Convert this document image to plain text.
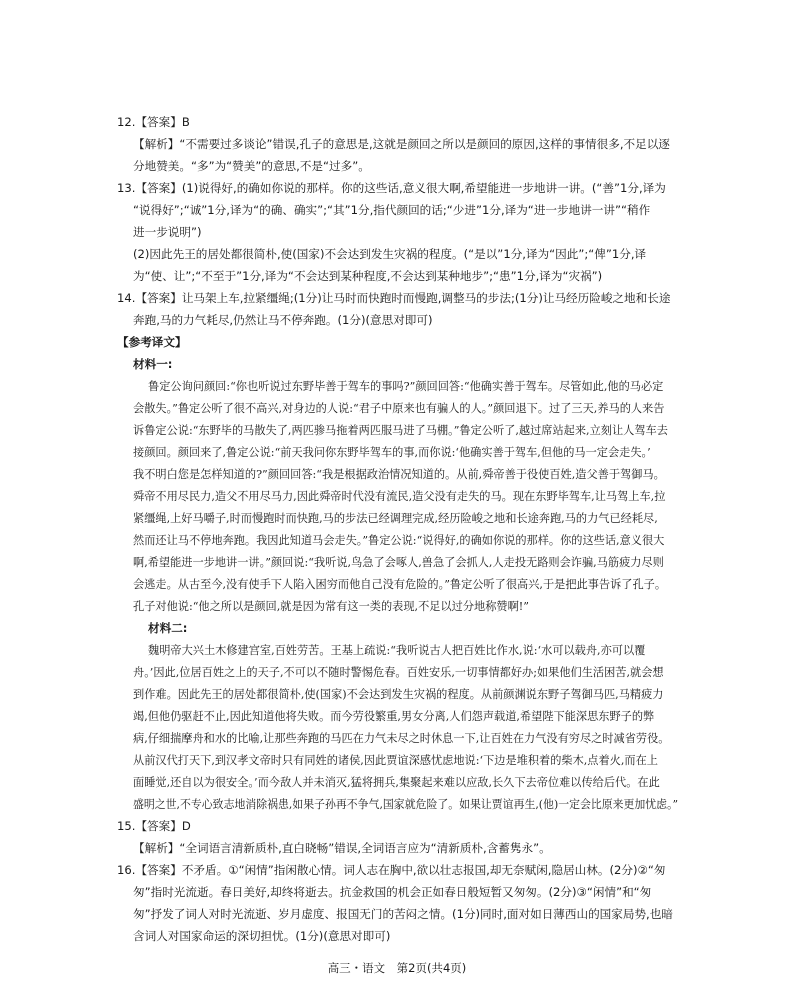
12.【答案】B
【解析】“不需要过多谈论”错误,孔子的意思是,这就是颜回之所以是颜回的原因,这样的事情很多,不足以逐
分地赞美。“多”为“赞美”的意思,不是“过多”。
13.【答案】(1)说得好,的确如你说的那样。你的这些话,意义很大啊,希望能进一步地讲一讲。(“善”1分,译为
“说得好”;“诚”1分,译为“的确、确实”;“其”1分,指代颜回的话;“少进”1分,译为“进一步地讲一讲”“稍作
进一步说明”)
(2)因此先王的居处都很简朴,使(国家)不会达到发生灾祸的程度。(“是以”1分,译为“因此”;“俾”1分,译
为“使、让”;“不至于”1分,译为“不会达到某种程度,不会达到某种地步”;“患”1分,译为“灾祸”)
14.【答案】让马架上车,拉紧缰绳;(1分)让马时而快跑时而慢跑,调整马的步法;(1分)让马经历险峻之地和长途
奔跑,马的力气耗尽,仍然让马不停奔跑。(1分)(意思对即可)
【参考译文】
材料一:
鲁定公询问颜回:“你也听说过东野毕善于驾车的事吗?”颜回回答:“他确实善于驾车。尽管如此,他的马必定
会散失。”鲁定公听了很不高兴,对身边的人说:“君子中原来也有骗人的人。”颜回退下。过了三天,养马的人来告
诉鲁定公说:“东野毕的马散失了,两匹骖马拖着两匹服马进了马棚。”鲁定公听了,越过席站起来,立刻让人驾车去
接颜回。颜回来了,鲁定公说:“前天我问你东野毕驾车的事,而你说:‘他确实善于驾车,但他的马一定会走失。’
我不明白您是怎样知道的?”颜回回答:“我是根据政治情况知道的。从前,舜帝善于役使百姓,造父善于驾御马。
舜帝不用尽民力,造父不用尽马力,因此舜帝时代没有流民,造父没有走失的马。现在东野毕驾车,让马驾上车,拉
紧缰绳,上好马嚼子,时而慢跑时而快跑,马的步法已经调理完成,经历险峻之地和长途奔跑,马的力气已经耗尽,
然而还让马不停地奔跑。我因此知道马会走失。”鲁定公说:“说得好,的确如你说的那样。你的这些话,意义很大
啊,希望能进一步地讲一讲。”颜回说:“我听说,鸟急了会啄人,兽急了会抓人,人走投无路则会诈骗,马筋疲力尽则
会逃走。从古至今,没有使手下人陷入困穷而他自己没有危险的。”鲁定公听了很高兴,于是把此事告诉了孔子。
孔子对他说:“他之所以是颜回,就是因为常有这一类的表现,不足以过分地称赞啊!”
材料二:
魏明帝大兴土木修建宫室,百姓劳苦。王基上疏说:“我听说古人把百姓比作水,说:‘水可以载舟,亦可以覆
舟。’因此,位居百姓之上的天子,不可以不随时警惕危春。百姓安乐,一切事情都好办;如果他们生活困苦,就会想
到作难。因此先王的居处都很简朴,使(国家)不会达到发生灾祸的程度。从前颜渊说东野子驾御马匹,马精疲力
竭,但他仍驱赶不止,因此知道他将失败。而今劳役繁重,男女分离,人们怨声载道,希望陛下能深思东野子的弊
病,仔细揣摩舟和水的比喻,让那些奔跑的马匹在力气未尽之时休息一下,让百姓在力气没有穷尽之时减省劳役。
从前汉代打天下,到汉孝文帝时只有同姓的诸侯,因此贾谊深感忧虑地说:‘下边是堆积着的柴木,点着火,而在上
面睡觉,还自以为很安全。’而今敌人并未消灭,猛将拥兵,集聚起来难以应敌,长久下去帝位难以传给后代。在此
盛明之世,不专心致志地消除祸患,如果子孙再不争气,国家就危险了。如果让贾谊再生,(他)一定会比原来更加忧虑。”
15.【答案】D
【解析】“全词语言清新质朴,直白晓畅”错误,全词语言应为“清新质朴,含蓄隽永”。
16.【答案】不矛盾。①“闲情”指闲散心情。词人志在胸中,欲以壮志报国,却无奈赋闲,隐居山林。(2分)②“匆
匆”指时光流逝。春日美好,却终将逝去。抗金救国的机会正如春日般短暂又匆匆。(2分)③“闲情”和“匆
匆”抒发了词人对时光流逝、岁月虚度、报国无门的苦闷之情。(1分)同时,面对如日薄西山的国家局势,也暗
含词人对国家命运的深切担忧。(1分)(意思对即可)
高三・语文　第2页(共4页)
